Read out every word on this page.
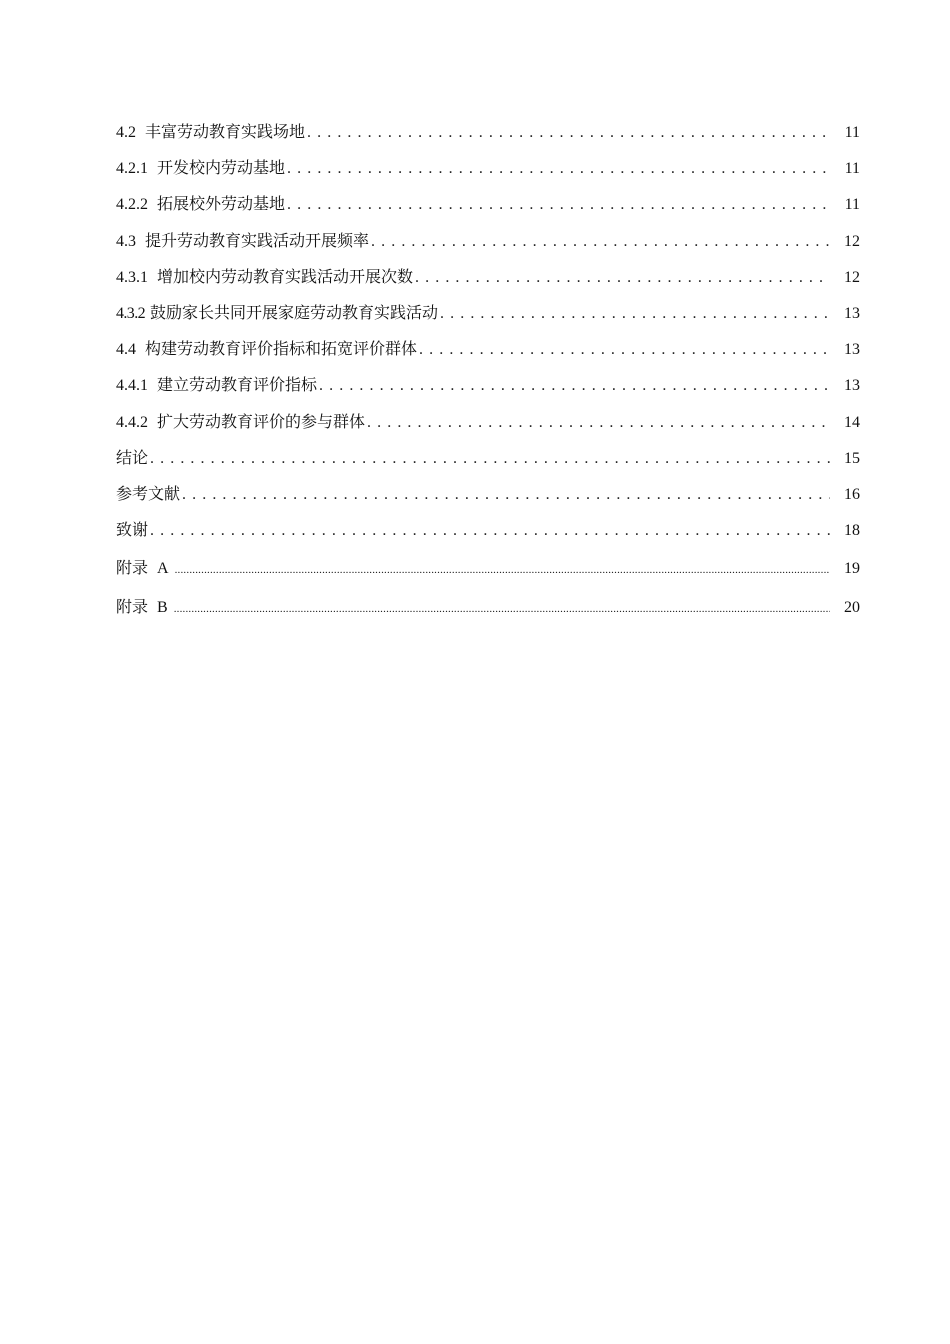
4.2 丰富劳动教育实践场地 . . .	11
4.2.1 开发校内劳动基地 . . .	11
4.2.2 拓展校外劳动基地 . . .	11
4.3 提升劳动教育实践活动开展频率 . . .	12
4.3.1 增加校内劳动教育实践活动开展次数 . . .	12
4.3.2 鼓励家长共同开展家庭劳动教育实践活动 . . .	13
4.4 构建劳动教育评价指标和拓宽评价群体 . . .	13
4.4.1 建立劳动教育评价指标 . . .	13
4.4.2 扩大劳动教育评价的参与群体 . . .	14
结论 . . .	15
参考文献 . . .	16
致谢 . . .	18
附录 A .....	19
附录 B .....	20
